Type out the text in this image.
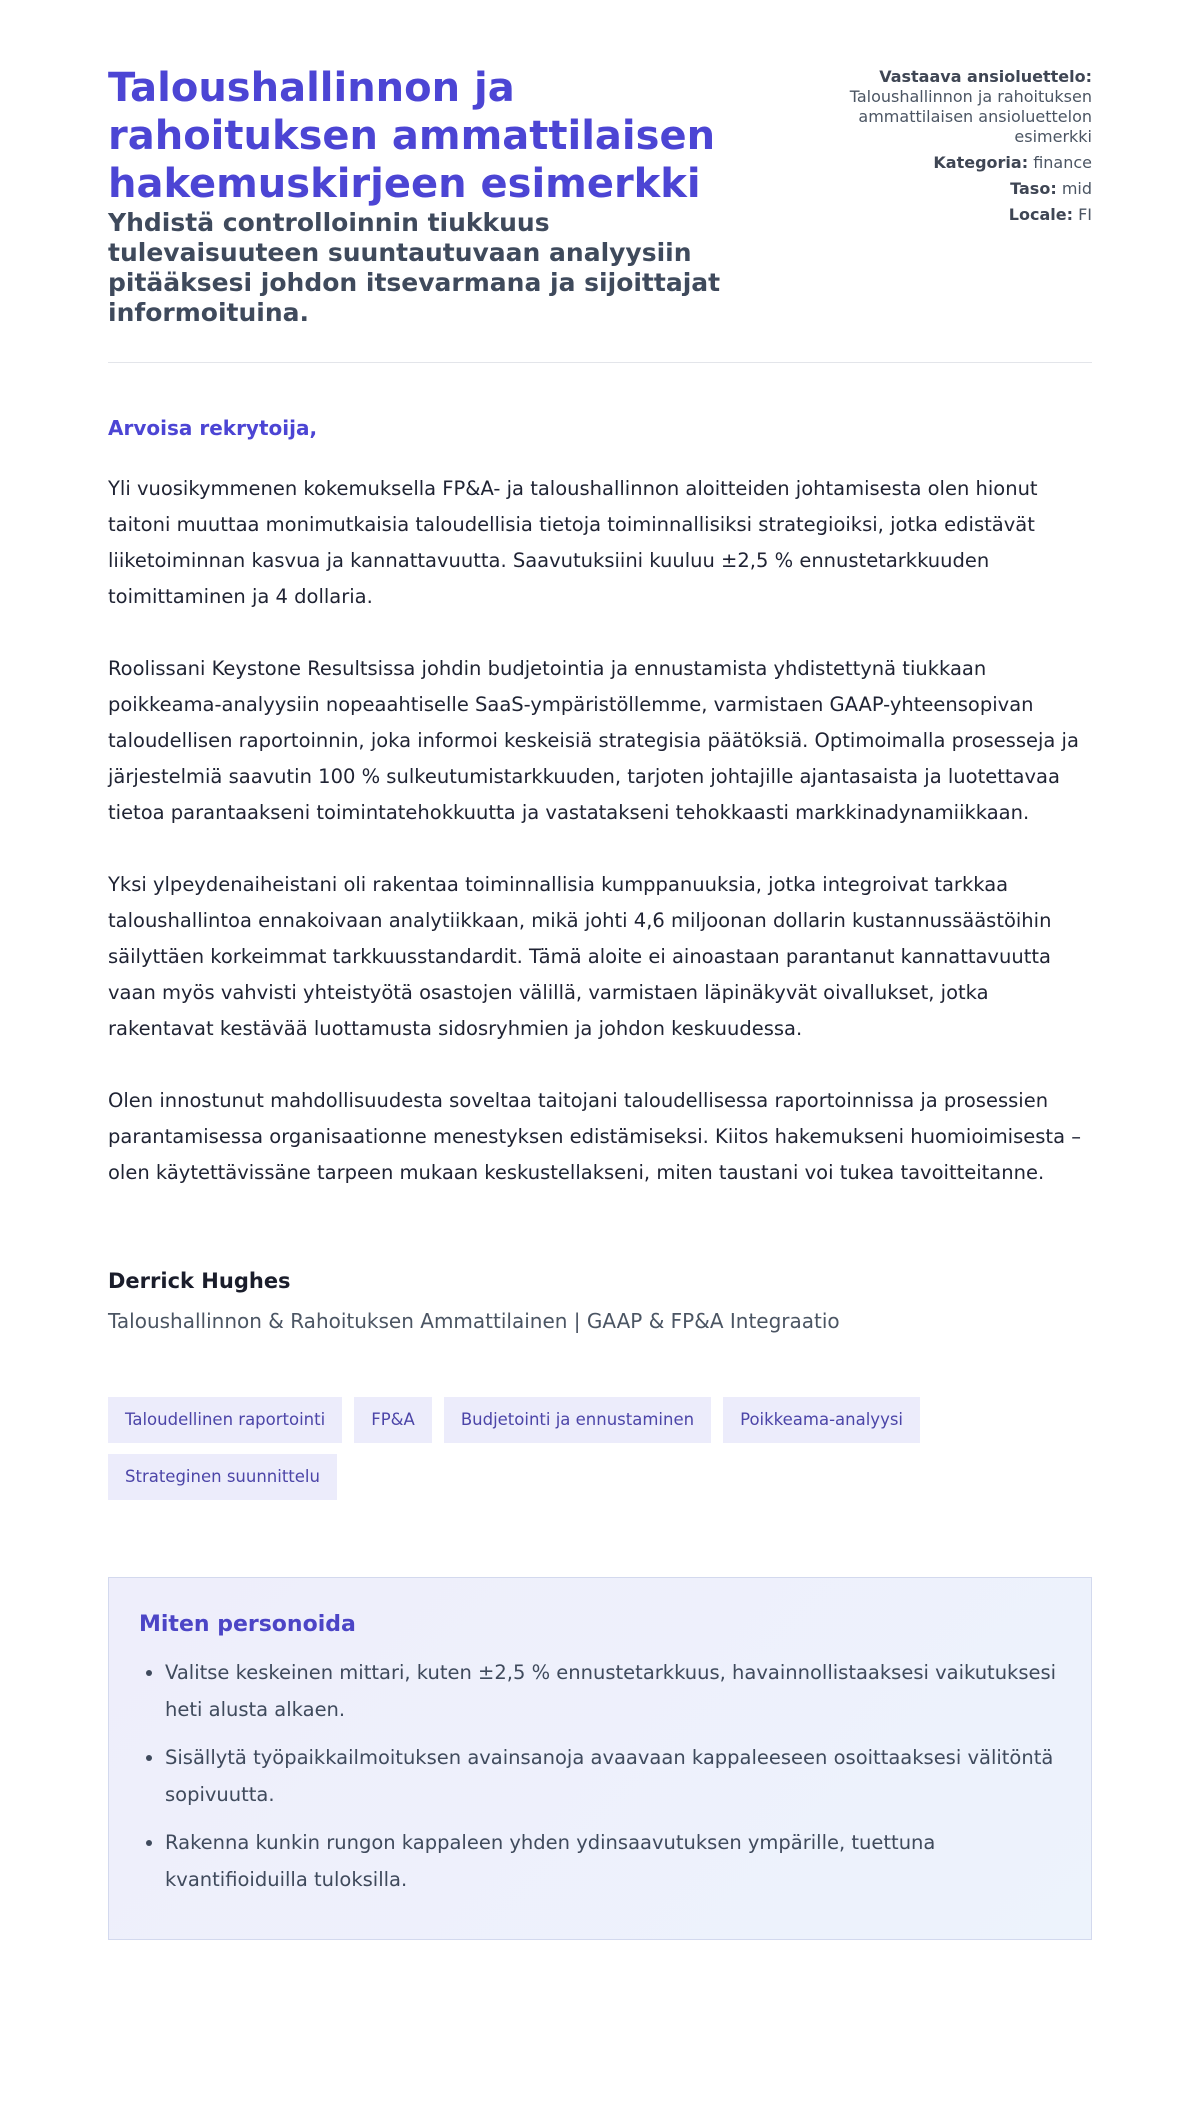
Taloushallinnon ja rahoituksen ammattilaisen hakemuskirjeen esimerkki

Yhdistä controlloinnin tiukkuus tulevaisuuteen suuntautuvaan analyysiin pitääksesi johdon itsevarmana ja sijoittajat informoituina.

Vastaava ansioluettelo:
Taloushallinnon ja rahoituksen ammattilaisen ansioluettelon esimerkki
Kategoria: finance
Taso: mid
Locale: FI

Arvoisa rekrytoija,

Yli vuosikymmenen kokemuksella FP&A- ja taloushallinnon aloitteiden johtamisesta olen hionut taitoni muuttaa monimutkaisia taloudellisia tietoja toiminnallisiksi strategioiksi, jotka edistävät liiketoiminnan kasvua ja kannattavuutta. Saavutuksiini kuuluu ±2,5 % ennustetarkkuuden toimittaminen ja 4 dollaria.

Roolissani Keystone Resultsissa johdin budjetointia ja ennustamista yhdistettynä tiukkaan poikkeama-analyysiin nopeaahtiselle SaaS-ympäristöllemme, varmistaen GAAP-yhteensopivan taloudellisen raportoinnin, joka informoi keskeisiä strategisia päätöksiä. Optimoimalla prosesseja ja järjestelmiä saavutin 100 % sulkeutumistarkkuuden, tarjoten johtajille ajantasaista ja luotettavaa tietoa parantaakseni toimintatehokkuutta ja vastatakseni tehokkaasti markkinadynamiikkaan.

Yksi ylpeydenaiheistani oli rakentaa toiminnallisia kumppanuuksia, jotka integroivat tarkkaa taloushallintoa ennakoivaan analytiikkaan, mikä johti 4,6 miljoonan dollarin kustannussäästöihin säilyttäen korkeimmat tarkkuusstandardit. Tämä aloite ei ainoastaan parantanut kannattavuutta vaan myös vahvisti yhteistyötä osastojen välillä, varmistaen läpinäkyvät oivallukset, jotka rakentavat kestävää luottamusta sidosryhmien ja johdon keskuudessa.

Olen innostunut mahdollisuudesta soveltaa taitojani taloudellisessa raportoinnissa ja prosessien parantamisessa organisaationne menestyksen edistämiseksi. Kiitos hakemukseni huomioimisesta – olen käytettävissäne tarpeen mukaan keskustellakseni, miten taustani voi tukea tavoitteitanne.

Derrick Hughes

Taloushallinnon & Rahoituksen Ammattilainen | GAAP & FP&A Integraatio

Taloudellinen raportointi	FP&A	Budjetointi ja ennustaminen	Poikkeama-analyysi
Strateginen suunnittelu
Miten personoida
• Valitse keskeinen mittari, kuten ±2,5 % ennustetarkkuus, havainnollistaaksesi vaikutuksesi heti alusta alkaen.
• Sisällytä työpaikkailmoituksen avainsanoja avaavaan kappaleeseen osoittaaksesi välitöntä sopivuutta.
• Rakenna kunkin rungon kappaleen yhden ydinsaavutuksen ympärille, tuettuna kvantifioiduilla tuloksilla.
